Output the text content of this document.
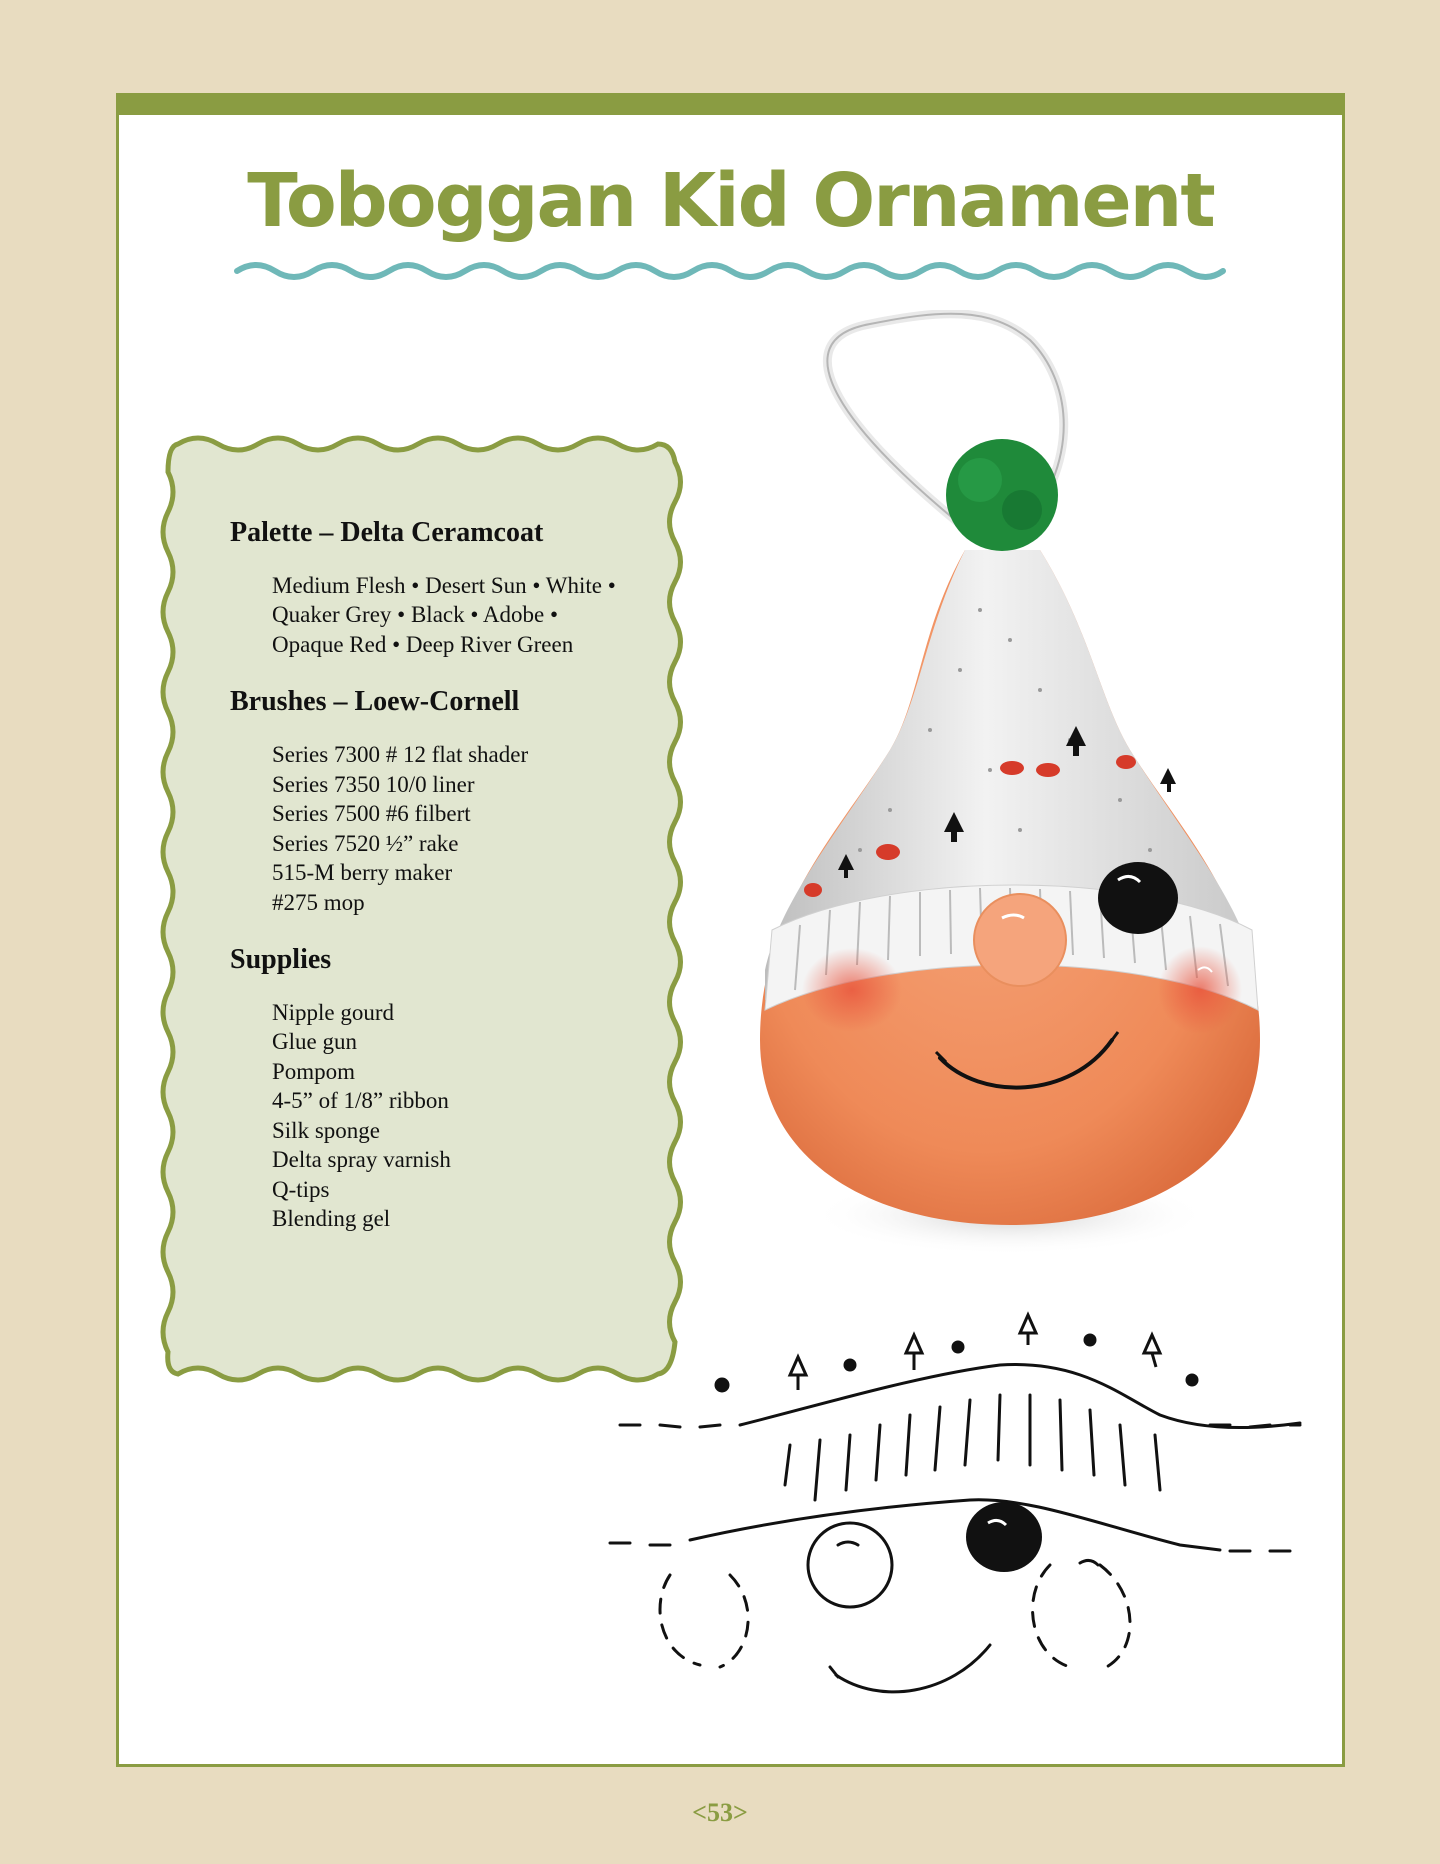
Toboggan Kid Ornament
Palette – Delta Ceramcoat
Medium Flesh • Desert Sun • White • Quaker Grey • Black • Adobe • Opaque Red • Deep River Green
Brushes – Loew-Cornell
Series 7300 # 12 flat shader
Series 7350 10/0 liner
Series 7500 #6 filbert
Series 7520 ½” rake
515-M berry maker
#275 mop
Supplies
Nipple gourd
Glue gun
Pompom
4-5” of 1/8” ribbon
Silk sponge
Delta spray varnish
Q-tips
Blending gel
<53>
